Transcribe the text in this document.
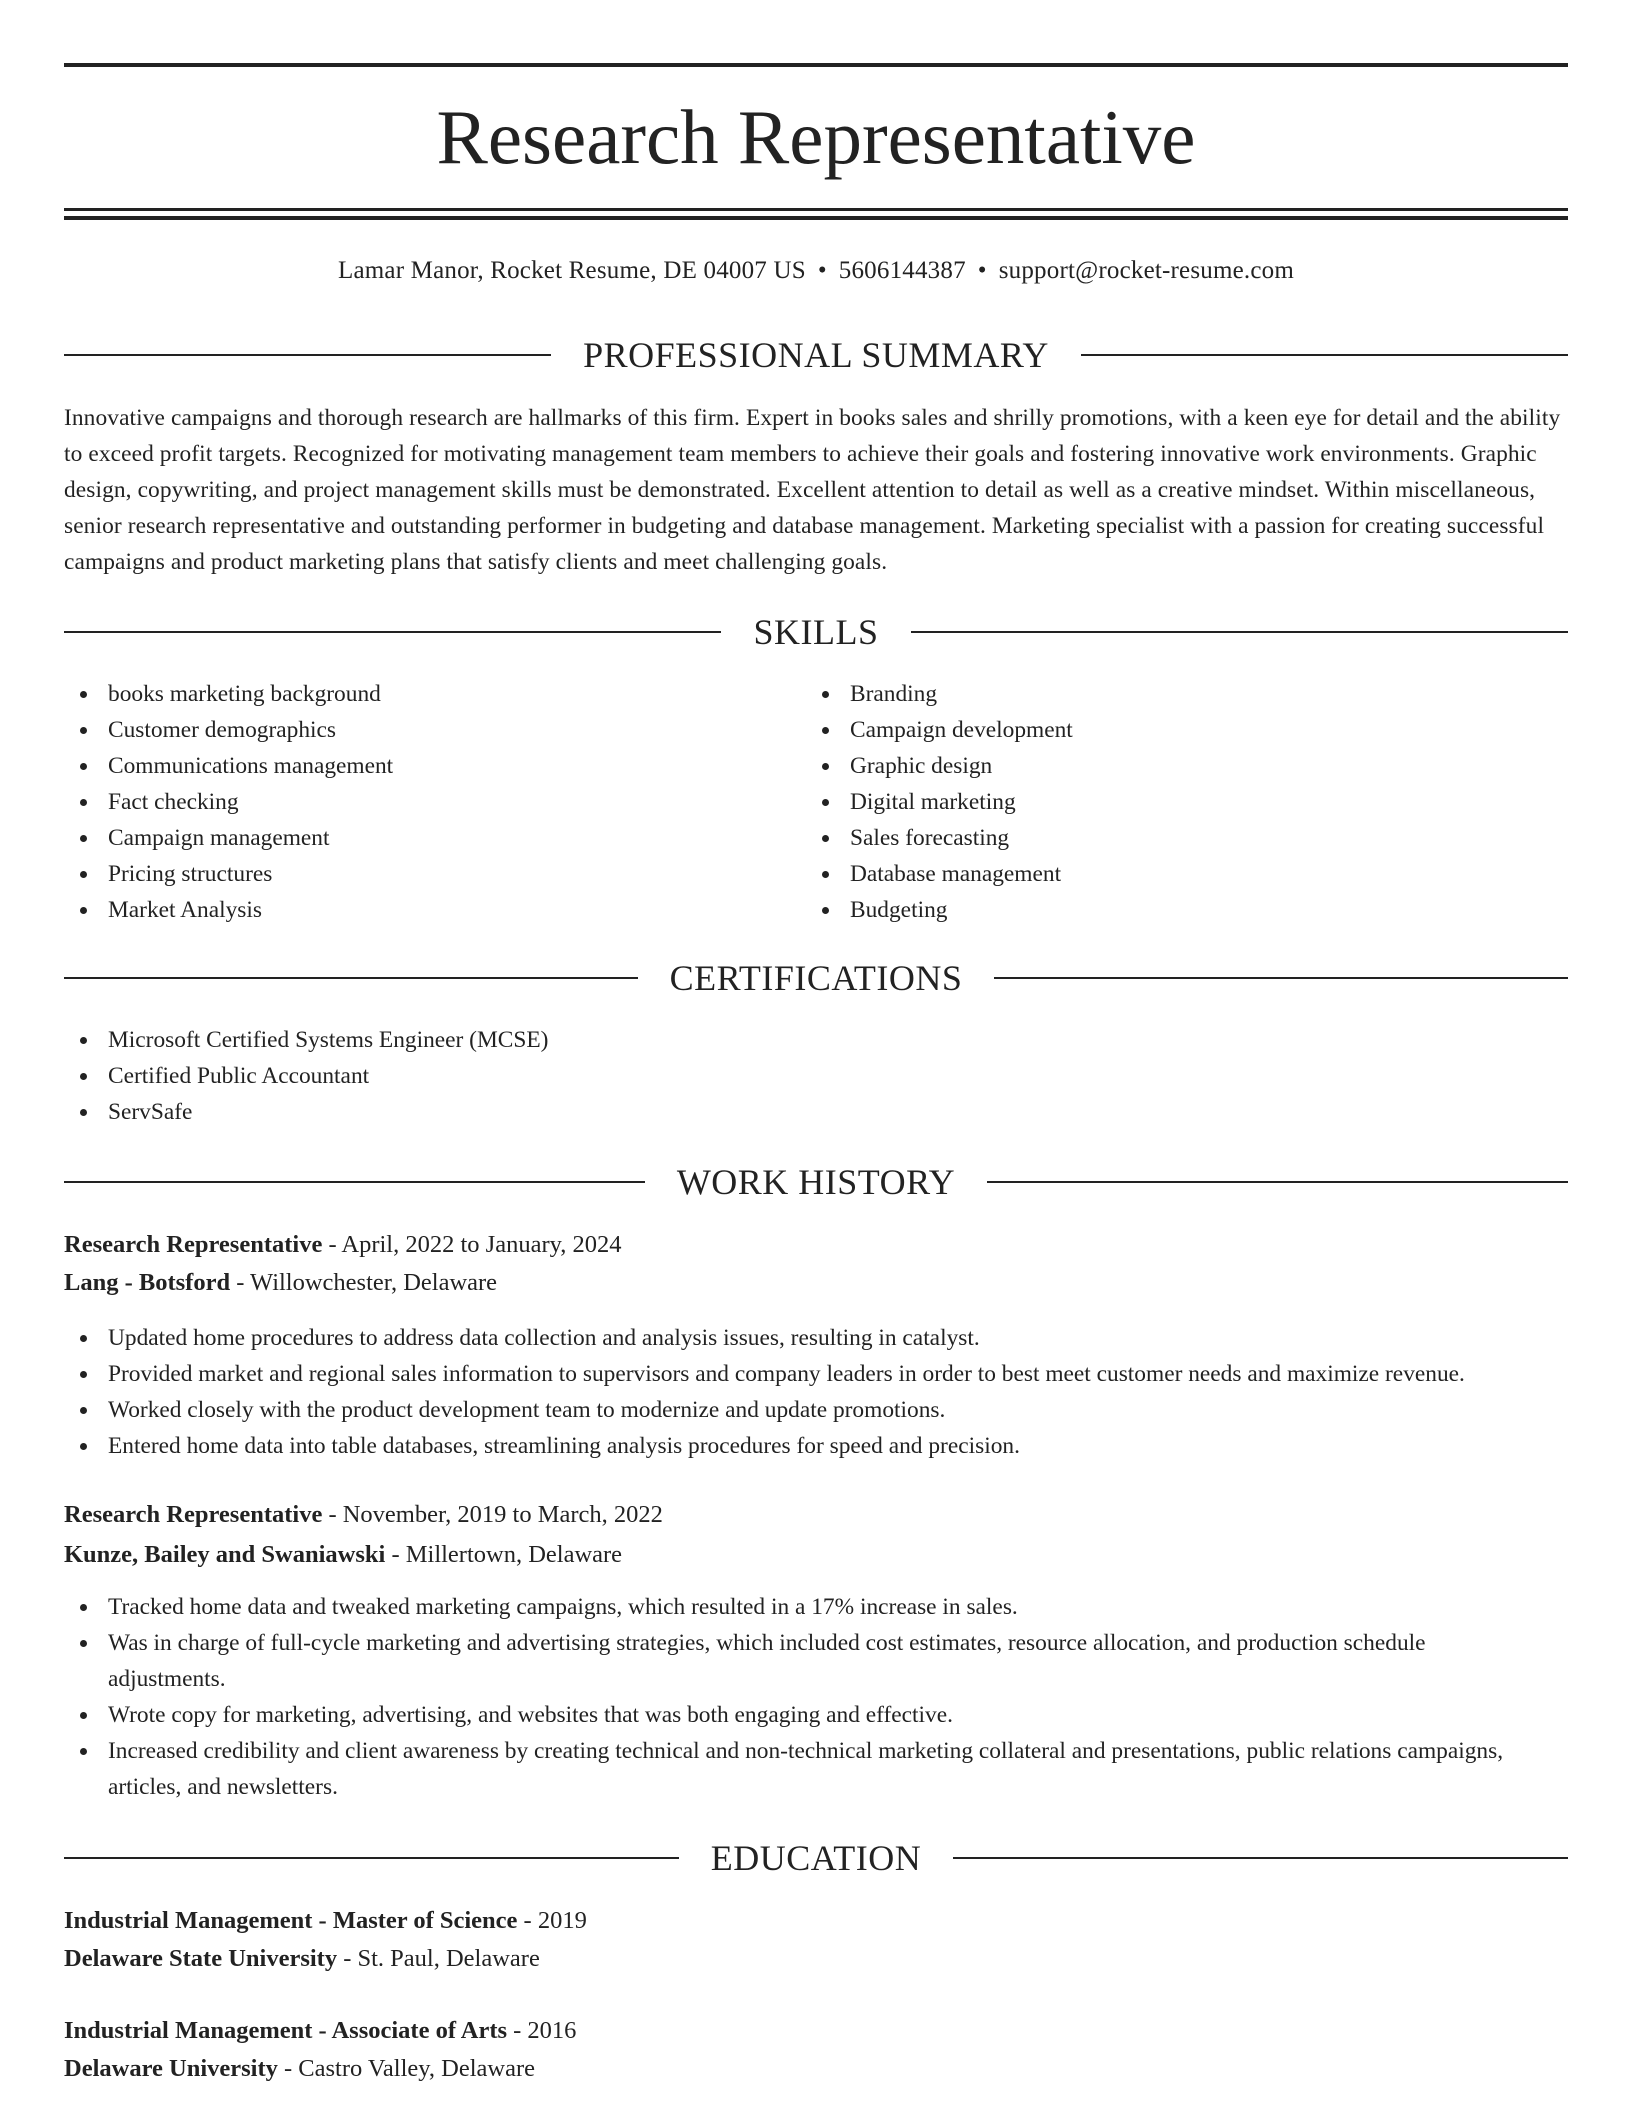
Research Representative
Lamar Manor, Rocket Resume, DE 04007 US • 5606144387 • support@rocket-resume.com
PROFESSIONAL SUMMARY

Innovative campaigns and thorough research are hallmarks of this firm. Expert in books sales and shrilly promotions, with a keen eye for detail and the ability to exceed profit targets. Recognized for motivating management team members to achieve their goals and fostering innovative work environments. Graphic design, copywriting, and project management skills must be demonstrated. Excellent attention to detail as well as a creative mindset. Within miscellaneous, senior research representative and outstanding performer in budgeting and database management. Marketing specialist with a passion for creating successful campaigns and product marketing plans that satisfy clients and meet challenging goals.

SKILLS
books marketing background
Customer demographics
Communications management
Fact checking
Campaign management
Pricing structures
Market Analysis
Branding
Campaign development
Graphic design
Digital marketing
Sales forecasting
Database management
Budgeting
CERTIFICATIONS
Microsoft Certified Systems Engineer (MCSE)
Certified Public Accountant
ServSafe
WORK HISTORY
Research Representative - April, 2022 to January, 2024
Lang - Botsford - Willowchester, Delaware
Updated home procedures to address data collection and analysis issues, resulting in catalyst.
Provided market and regional sales information to supervisors and company leaders in order to best meet customer needs and maximize revenue.
Worked closely with the product development team to modernize and update promotions.
Entered home data into table databases, streamlining analysis procedures for speed and precision.
Research Representative - November, 2019 to March, 2022
Kunze, Bailey and Swaniawski - Millertown, Delaware
Tracked home data and tweaked marketing campaigns, which resulted in a 17% increase in sales.
Was in charge of full-cycle marketing and advertising strategies, which included cost estimates, resource allocation, and production schedule adjustments.
Wrote copy for marketing, advertising, and websites that was both engaging and effective.
Increased credibility and client awareness by creating technical and non-technical marketing collateral and presentations, public relations campaigns, articles, and newsletters.
EDUCATION
Industrial Management - Master of Science - 2019
Delaware State University - St. Paul, Delaware
Industrial Management - Associate of Arts - 2016
Delaware University - Castro Valley, Delaware
